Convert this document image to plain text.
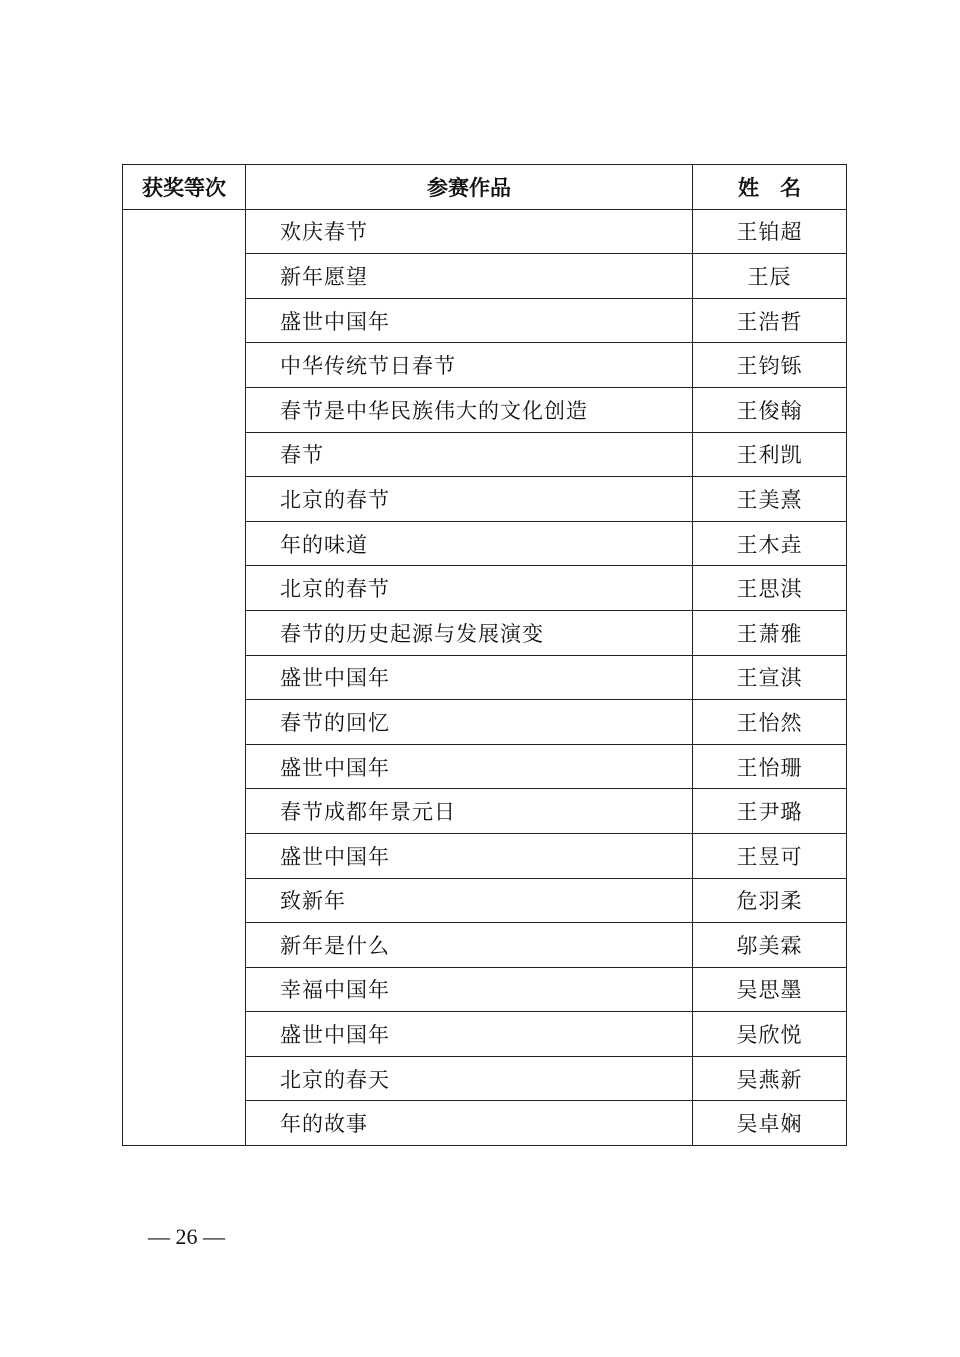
获奖等次	参赛作品	姓　名
	欢庆春节	王铂超
	新年愿望	王辰
	盛世中国年	王浩哲
	中华传统节日春节	王钧铄
	春节是中华民族伟大的文化创造	王俊翰
	春节	王利凯
	北京的春节	王美熹
	年的味道	王木垚
	北京的春节	王思淇
	春节的历史起源与发展演变	王萧雅
	盛世中国年	王宣淇
	春节的回忆	王怡然
	盛世中国年	王怡珊
	春节成都年景元日	王尹璐
	盛世中国年	王昱可
	致新年	危羽柔
	新年是什么	邬美霖
	幸福中国年	吴思墨
	盛世中国年	吴欣悦
	北京的春天	吴燕新
	年的故事	吴卓娴
— 26 —
